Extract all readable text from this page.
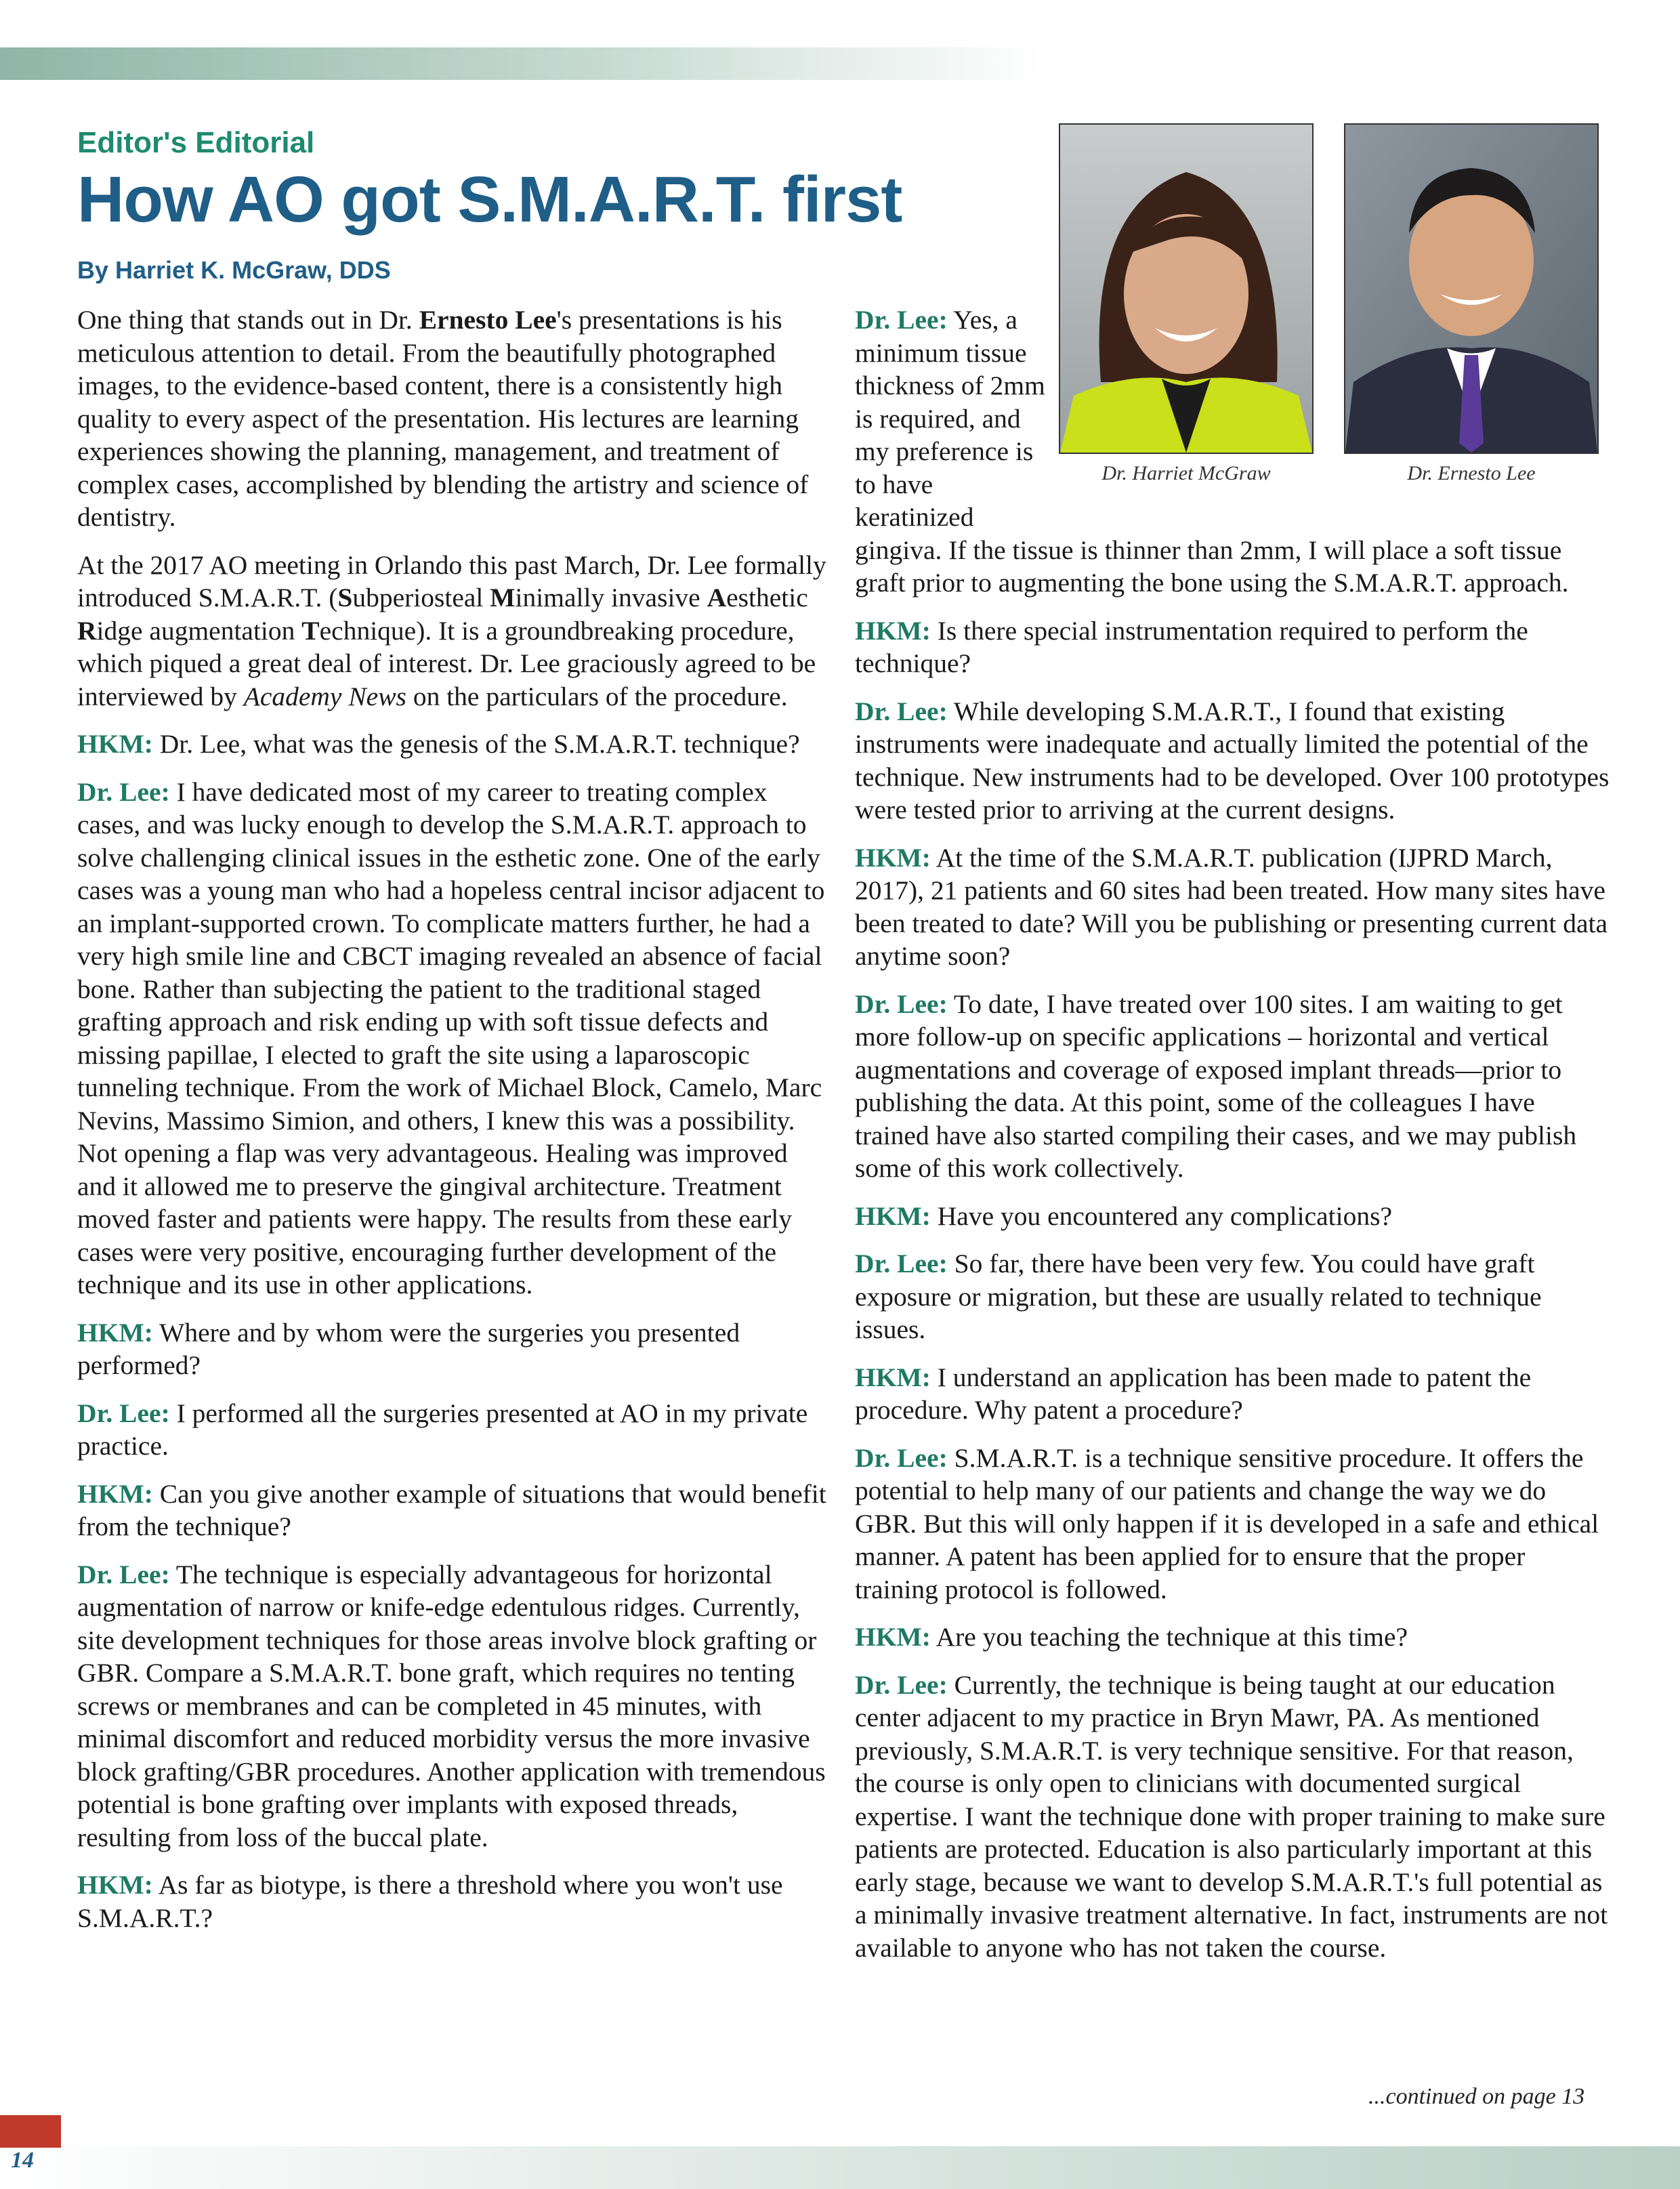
Editor's Editorial
How AO got S.M.A.R.T. first
By Harriet K. McGraw, DDS
Dr. Harriet McGraw	Dr. Ernesto Lee

One thing that stands out in Dr. Ernesto Lee's presentations is his meticulous attention to detail. From the beautifully photographed images, to the evidence-based content, there is a consistently high quality to every aspect of the presentation. His lectures are learning experiences showing the planning, management, and treatment of complex cases, accomplished by blending the artistry and science of dentistry.

At the 2017 AO meeting in Orlando this past March, Dr. Lee formally introduced S.M.A.R.T. (Subperiosteal Minimally invasive Aesthetic Ridge augmentation Technique). It is a groundbreaking procedure, which piqued a great deal of interest. Dr. Lee graciously agreed to be interviewed by Academy News on the particulars of the procedure.

HKM: Dr. Lee, what was the genesis of the S.M.A.R.T. technique?

Dr. Lee: I have dedicated most of my career to treating complex cases, and was lucky enough to develop the S.M.A.R.T. approach to solve challenging clinical issues in the esthetic zone. One of the early cases was a young man who had a hopeless central incisor adjacent to an implant-supported crown. To complicate matters further, he had a very high smile line and CBCT imaging revealed an absence of facial bone. Rather than subjecting the patient to the traditional staged grafting approach and risk ending up with soft tissue defects and missing papillae, I elected to graft the site using a laparoscopic tunneling technique. From the work of Michael Block, Camelo, Marc Nevins, Massimo Simion, and others, I knew this was a possibility. Not opening a flap was very advantageous. Healing was improved and it allowed me to preserve the gingival architecture. Treatment moved faster and patients were happy. The results from these early cases were very positive, encouraging further development of the technique and its use in other applications.

HKM: Where and by whom were the surgeries you presented performed?

Dr. Lee: I performed all the surgeries presented at AO in my private practice.

HKM: Can you give another example of situations that would benefit from the technique?

Dr. Lee: The technique is especially advantageous for horizontal augmentation of narrow or knife-edge edentulous ridges. Currently, site development techniques for those areas involve block grafting or GBR. Compare a S.M.A.R.T. bone graft, which requires no tenting screws or membranes and can be completed in 45 minutes, with minimal discomfort and reduced morbidity versus the more invasive block grafting/GBR procedures. Another application with tremendous potential is bone grafting over implants with exposed threads, resulting from loss of the buccal plate.

HKM: As far as biotype, is there a threshold where you won't use S.M.A.R.T.?

Dr. Lee: Yes, a minimum tissue thickness of 2mm is required, and my preference is to have keratinized gingiva. If the tissue is thinner than 2mm, I will place a soft tissue graft prior to augmenting the bone using the S.M.A.R.T. approach.

HKM: Is there special instrumentation required to perform the technique?

Dr. Lee: While developing S.M.A.R.T., I found that existing instruments were inadequate and actually limited the potential of the technique. New instruments had to be developed. Over 100 prototypes were tested prior to arriving at the current designs.

HKM: At the time of the S.M.A.R.T. publication (IJPRD March, 2017), 21 patients and 60 sites had been treated. How many sites have been treated to date? Will you be publishing or presenting current data anytime soon?

Dr. Lee: To date, I have treated over 100 sites. I am waiting to get more follow-up on specific applications – horizontal and vertical augmentations and coverage of exposed implant threads—prior to publishing the data. At this point, some of the colleagues I have trained have also started compiling their cases, and we may publish some of this work collectively.

HKM: Have you encountered any complications?

Dr. Lee: So far, there have been very few. You could have graft exposure or migration, but these are usually related to technique issues.

HKM: I understand an application has been made to patent the procedure. Why patent a procedure?

Dr. Lee: S.M.A.R.T. is a technique sensitive procedure. It offers the potential to help many of our patients and change the way we do GBR. But this will only happen if it is developed in a safe and ethical manner. A patent has been applied for to ensure that the proper training protocol is followed.

HKM: Are you teaching the technique at this time?

Dr. Lee: Currently, the technique is being taught at our education center adjacent to my practice in Bryn Mawr, PA. As mentioned previously, S.M.A.R.T. is very technique sensitive. For that reason, the course is only open to clinicians with documented surgical expertise. I want the technique done with proper training to make sure patients are protected. Education is also particularly important at this early stage, because we want to develop S.M.A.R.T.'s full potential as a minimally invasive treatment alternative. In fact, instruments are not available to anyone who has not taken the course.

...continued on page 13
14
